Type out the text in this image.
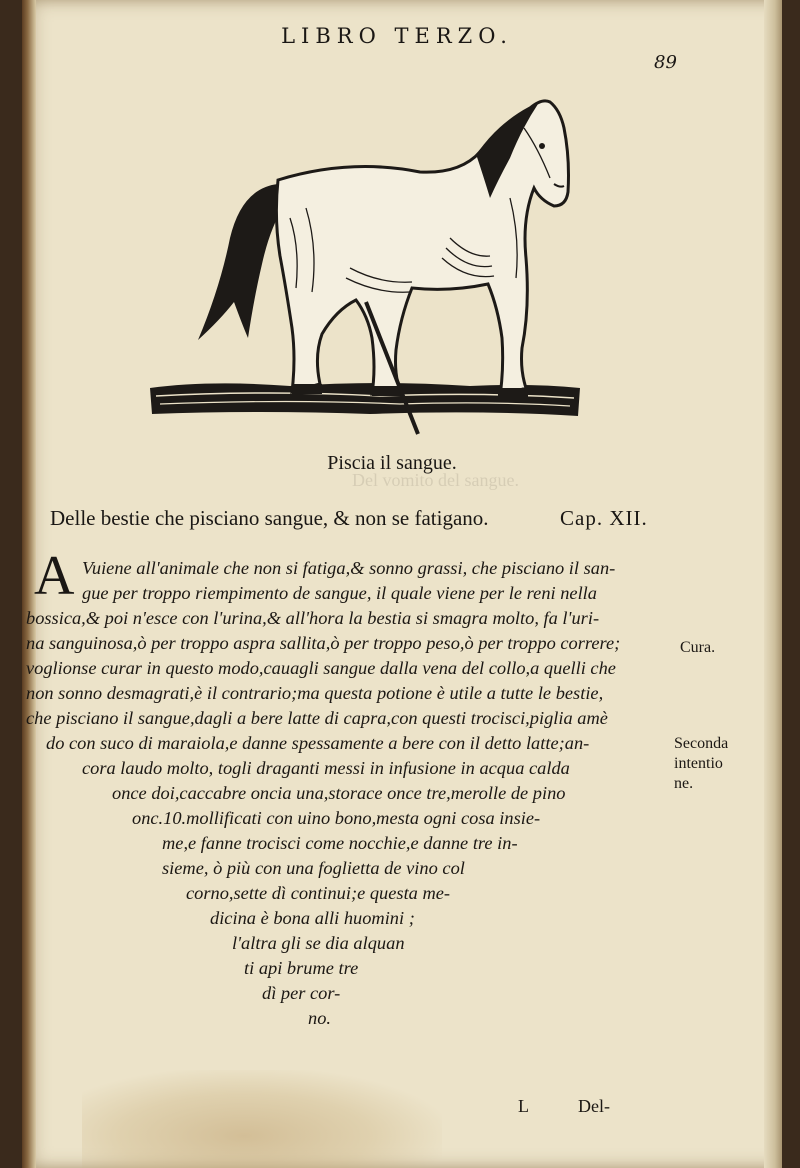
Del vomito del sangue.
LIBRO TERZO.
89
Piscia il sangue.
Delle bestie che pisciano sangue, & non se fatigano.	Cap. XII.
A Vuiene all'animale che non si fatiga,& sonno grassi, che pisciano il san-
gue per troppo riempimento de sangue, il quale viene per le reni nella
bossica,& poi n'esce con l'urina,& all'hora la bestia si smagra molto, fa l'uri-
na sanguinosa,ò per troppo aspra sallita,ò per troppo peso,ò per troppo correre;
voglionse curar in questo modo,cauagli sangue dalla vena del collo,a quelli che
non sonno desmagrati,è il contrario;ma questa potione è utile a tutte le bestie,
che pisciano il sangue,dagli a bere latte di capra,con questi trocisci,piglia amè
do con suco di maraiola,e danne spessamente a bere con il detto latte;an-
cora laudo molto, togli draganti messi in infusione in acqua calda
once doi,caccabre oncia una,storace once tre,merolle de pino
onc.10.mollificati con uino bono,mesta ogni cosa insie-
me,e fanne trocisci come nocchie,e danne tre in-
sieme, ò più con una foglietta de vino col
corno,sette dì continui;e questa me-
dicina è bona alli huomini ;
l'altra gli se dia alquan
ti api brume tre
dì per cor-
no.
Cura.
Seconda
intentio
ne.
L	Del-
